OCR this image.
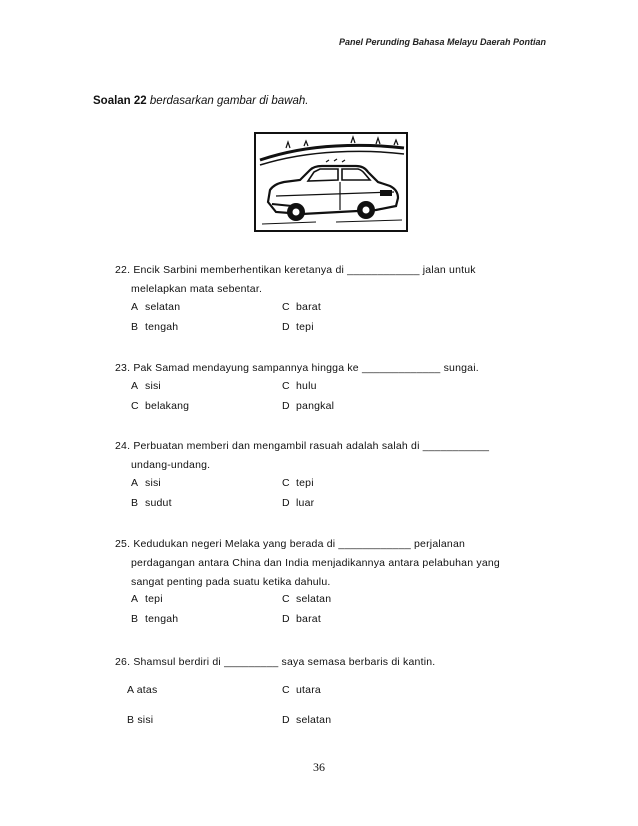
Panel Perunding Bahasa Melayu Daerah Pontian
Soalan 22 berdasarkan gambar di bawah.
22. Encik Sarbini memberhentikan keretanya di ____________ jalan untuk
melelapkan mata sebentar.
A selatan	C barat
B tengah	D tepi
23. Pak Samad mendayung sampannya hingga ke _____________ sungai.
A sisi	C hulu
C belakang	D pangkal
24. Perbuatan memberi dan mengambil rasuah adalah salah di ___________
undang-undang.
A sisi	C tepi
B sudut	D luar
25. Kedudukan negeri Melaka yang berada di ____________ perjalanan
perdagangan antara China dan India menjadikannya antara pelabuhan yang
sangat penting pada suatu ketika dahulu.
A tepi	C selatan
B tengah	D barat
26. Shamsul berdiri di _________ saya semasa berbaris di kantin.
A atas	C utara
B sisi	D selatan
36
